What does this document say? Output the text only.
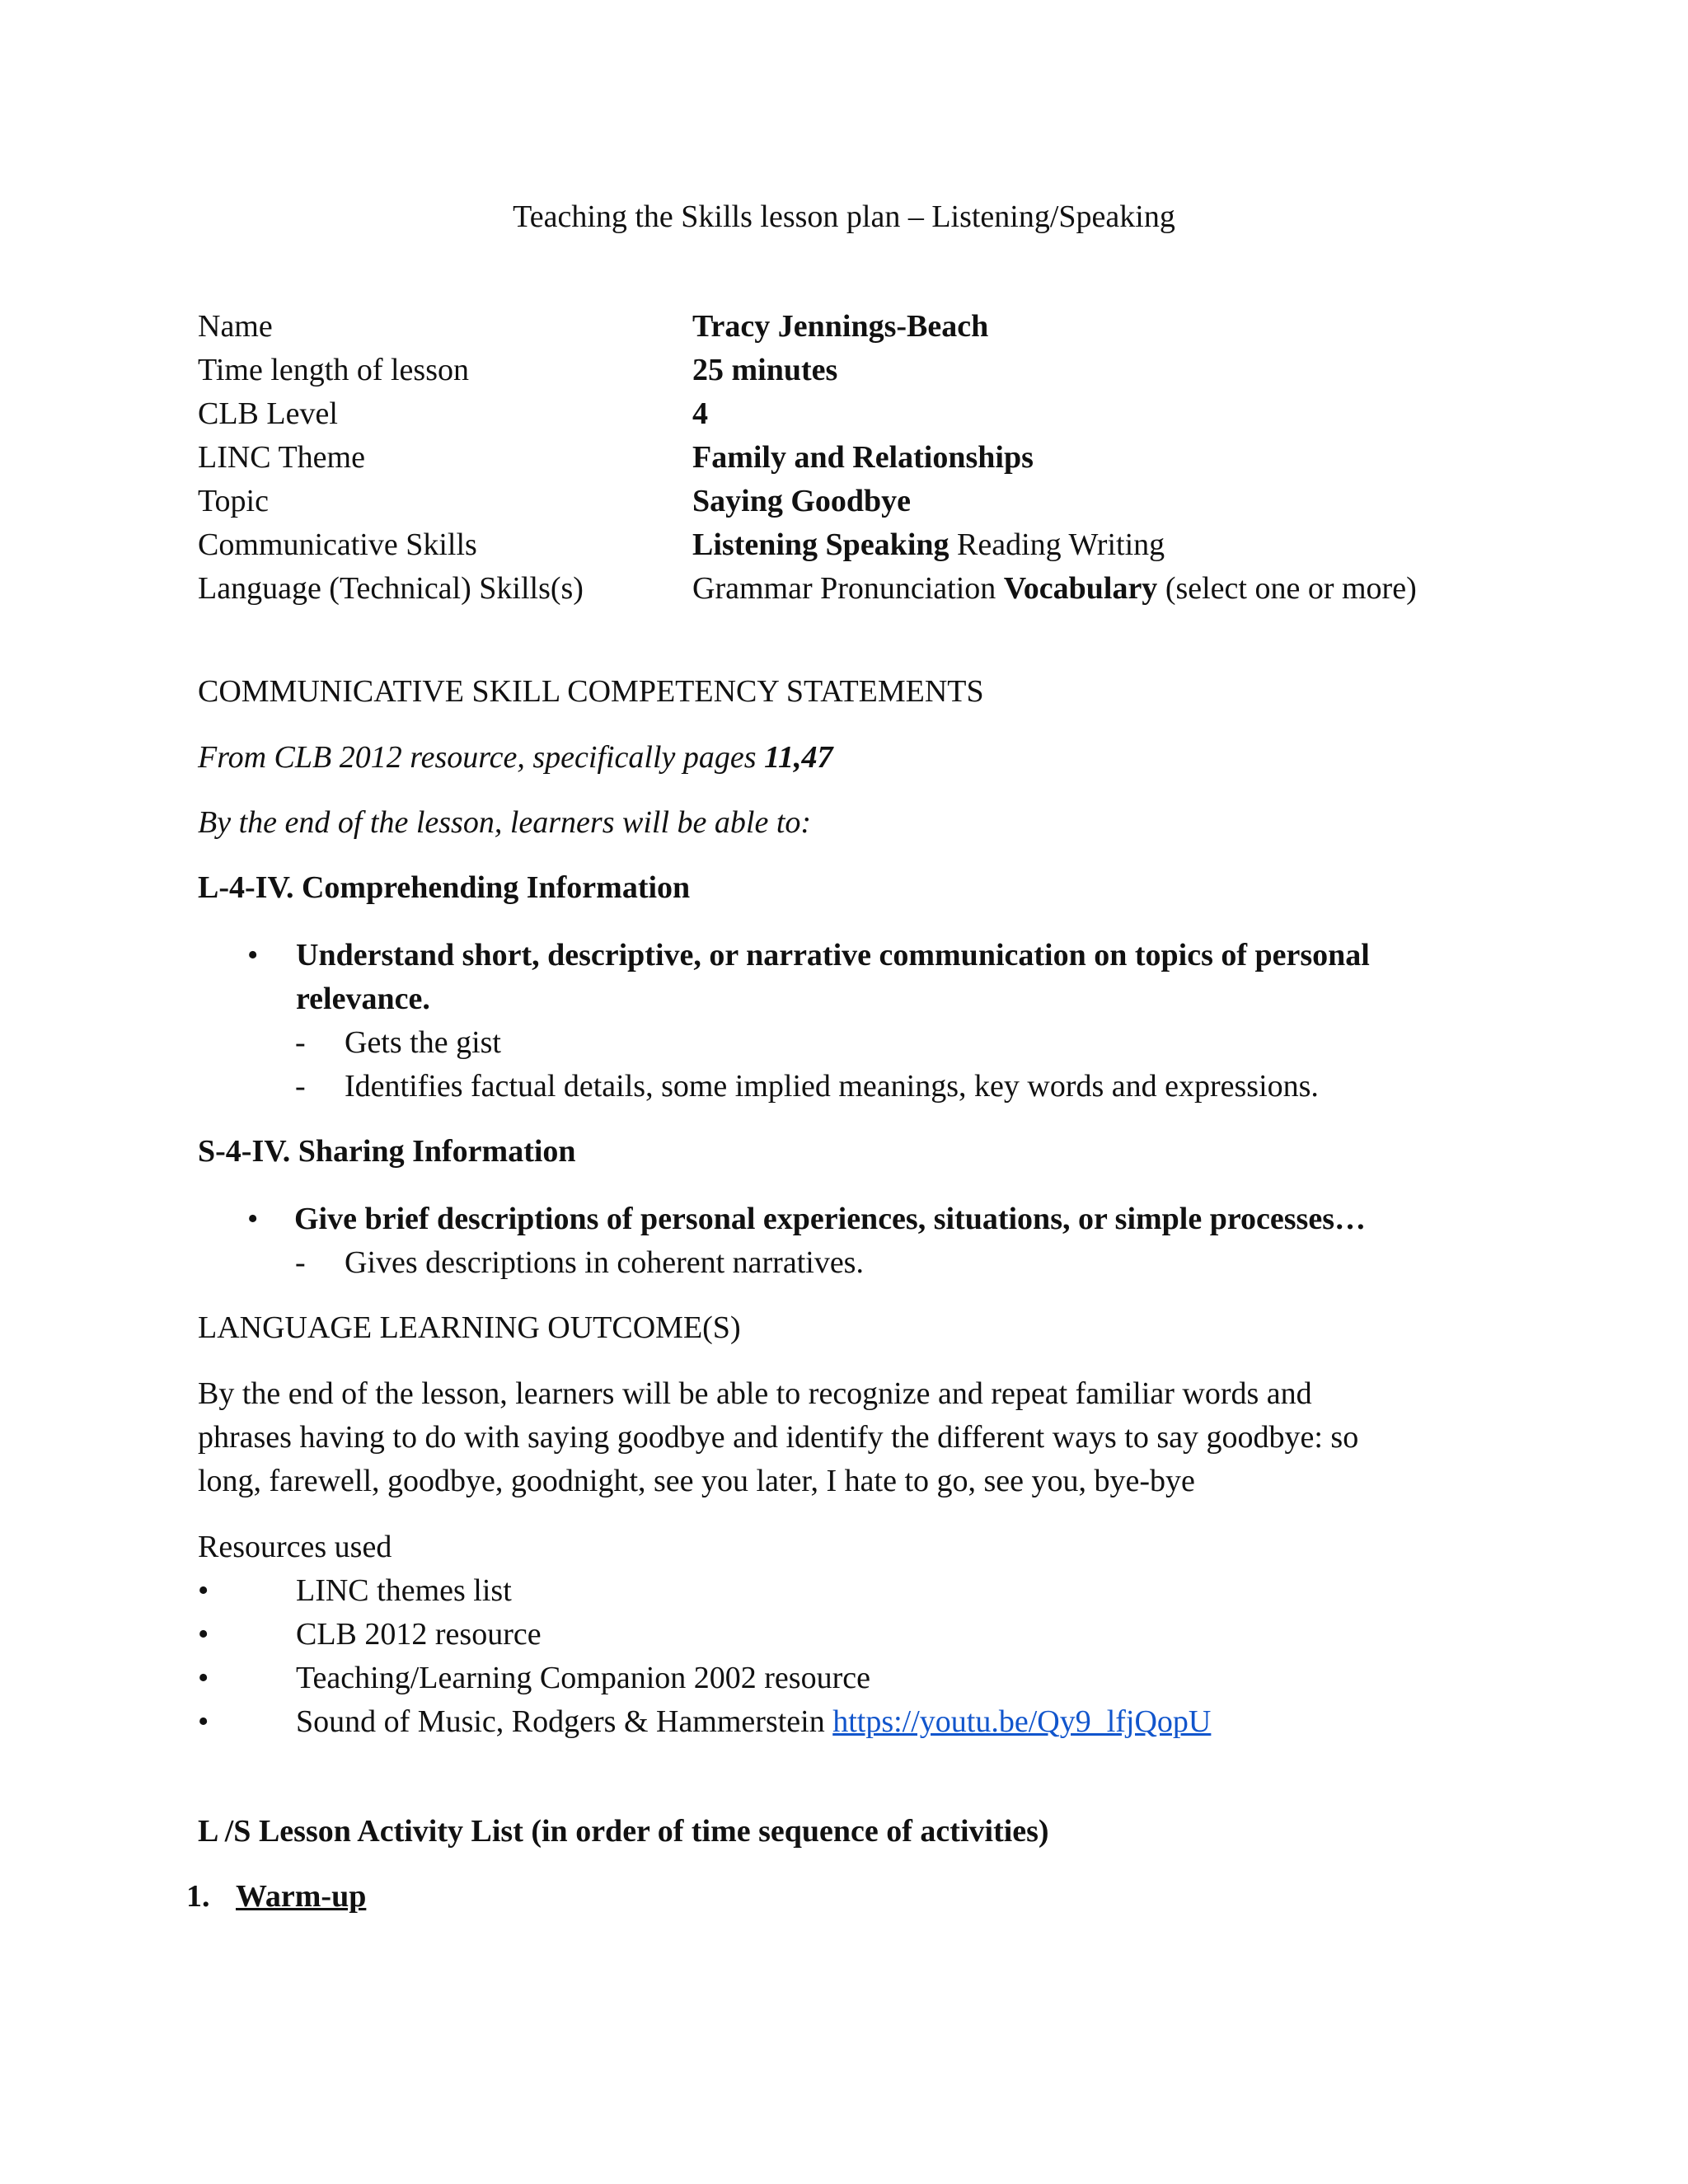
Teaching the Skills lesson plan – Listening/Speaking
Name	Tracy Jennings-Beach
Time length of lesson	25 minutes
CLB Level	4
LINC Theme	Family and Relationships
Topic	Saying Goodbye
Communicative Skills	Listening Speaking Reading Writing
Language (Technical) Skills(s)	Grammar Pronunciation Vocabulary (select one or more)
COMMUNICATIVE SKILL COMPETENCY STATEMENTS
From CLB 2012 resource, specifically pages 11,47
By the end of the lesson, learners will be able to:
L-4-IV. Comprehending Information
• Understand short, descriptive, or narrative communication on topics of personal
relevance.
- Gets the gist
- Identifies factual details, some implied meanings, key words and expressions.
S-4-IV. Sharing Information
• Give brief descriptions of personal experiences, situations, or simple processes…
- Gives descriptions in coherent narratives.
LANGUAGE LEARNING OUTCOME(S)
By the end of the lesson, learners will be able to recognize and repeat familiar words and
phrases having to do with saying goodbye and identify the different ways to say goodbye: so
long, farewell, goodbye, goodnight, see you later, I hate to go, see you, bye-bye
Resources used
•	LINC themes list
•	CLB 2012 resource
•	Teaching/Learning Companion 2002 resource
•	Sound of Music, Rodgers & Hammerstein https://youtu.be/Qy9_lfjQopU
L /S Lesson Activity List (in order of time sequence of activities)
1. Warm-up
